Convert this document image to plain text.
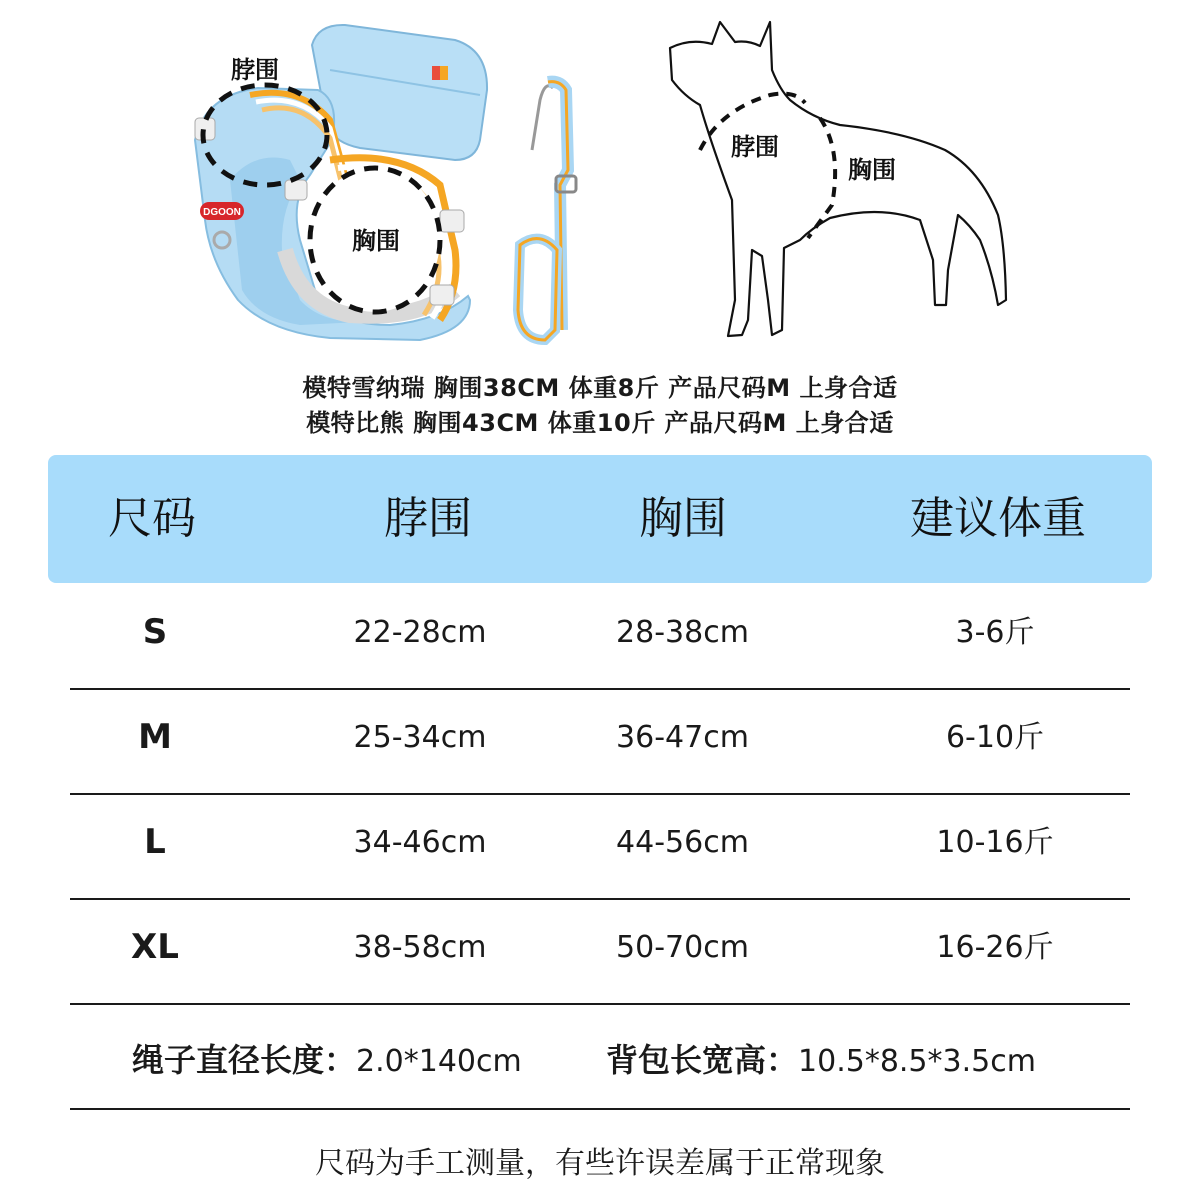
DGOON
脖围
胸围
脖围
胸围
模特雪纳瑞 胸围38CM 体重8斤 产品尺码M 上身合适
模特比熊 胸围43CM 体重10斤 产品尺码M 上身合适
尺码	脖围	胸围	建议体重
S	22-28cm	28-38cm	3-6斤
M	25-34cm	36-47cm	6-10斤
L	34-46cm	44-56cm	10-16斤
XL	38-58cm	50-70cm	16-26斤
绳子直径长度：2.0*140cm	背包长宽高：10.5*8.5*3.5cm
尺码为手工测量，有些许误差属于正常现象
